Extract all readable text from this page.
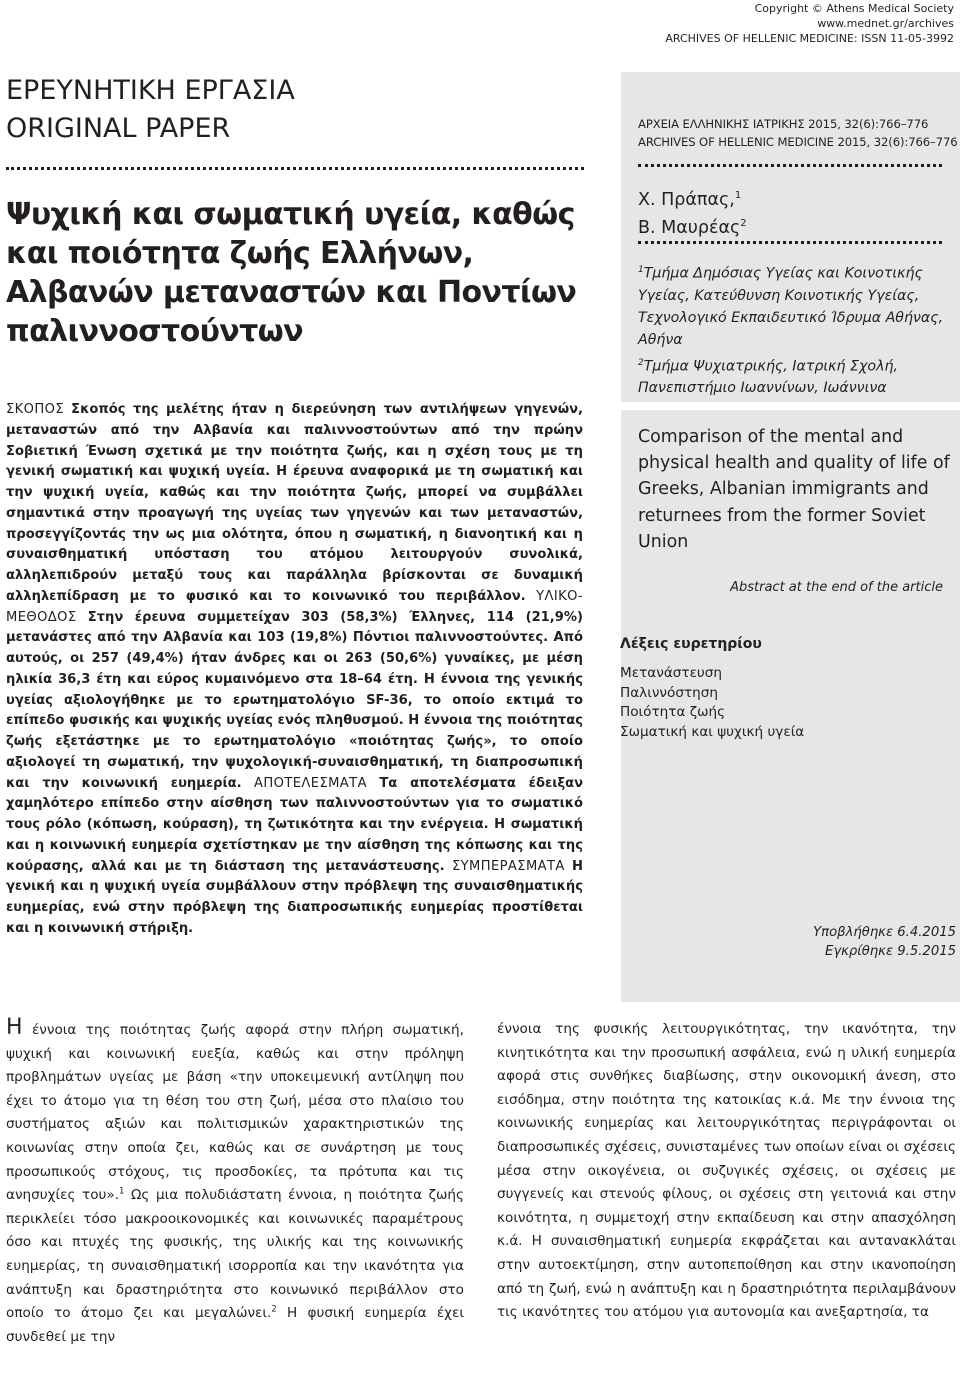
Copyright © Athens Medical Society
www.mednet.gr/archives
ARCHIVES OF HELLENIC MEDICINE: ISSN 11-05-3992
ΕΡΕΥΝΗΤΙΚΗ ΕΡΓΑΣΙΑ
ORIGINAL PAPER
Ψυχική και σωματική υγεία, καθώς και ποιότητα ζωής Ελλήνων, Αλβανών μεταναστών και Ποντίων παλιννοστούντων
ΣΚΟΠΟΣ Σκοπός της μελέτης ήταν η διερεύνηση των αντιλήψεων γηγενών, μεταναστών από την Αλβανία και παλιννοστούντων από την πρώην Σοβιετική Ένωση σχετικά με την ποιότητα ζωής, και η σχέση τους με τη γενική σωματική και ψυχική υγεία. Η έρευνα αναφορικά με τη σωματική και την ψυχική υγεία, καθώς και την ποιότητα ζωής, μπορεί να συμβάλλει σημαντικά στην προαγωγή της υγείας των γηγενών και των μεταναστών, προσεγγίζοντάς την ως μια ολότητα, όπου η σωματική, η διανοητική και η συναισθηματική υπόσταση του ατόμου λειτουργούν συνολικά, αλληλεπιδρούν μεταξύ τους και παράλληλα βρίσκονται σε δυναμική αλληλεπίδραση με το φυσικό και το κοινωνικό του περιβάλλον. ΥΛΙΚΟ-ΜΕΘΟΔΟΣ Στην έρευνα συμμετείχαν 303 (58,3%) Έλληνες, 114 (21,9%) μετανάστες από την Αλβανία και 103 (19,8%) Πόντιοι παλιννοστούντες. Από αυτούς, οι 257 (49,4%) ήταν άνδρες και οι 263 (50,6%) γυναίκες, με μέση ηλικία 36,3 έτη και εύρος κυμαινόμενο στα 18–64 έτη. Η έννοια της γενικής υγείας αξιολογήθηκε με το ερωτηματολόγιο SF-36, το οποίο εκτιμά το επίπεδο φυσικής και ψυχικής υγείας ενός πληθυσμού. Η έννοια της ποιότητας ζωής εξετάστηκε με το ερωτηματολόγιο «ποιότητας ζωής», το οποίο αξιολογεί τη σωματική, την ψυχολογική-συναισθηματική, τη διαπροσωπική και την κοινωνική ευημερία. ΑΠΟΤΕΛΕΣΜΑΤΑ Τα αποτελέσματα έδειξαν χαμηλότερο επίπεδο στην αίσθηση των παλιννοστούντων για το σωματικό τους ρόλο (κόπωση, κούραση), τη ζωτικότητα και την ενέργεια. Η σωματική και η κοινωνική ευημερία σχετίστηκαν με την αίσθηση της κόπωσης και της κούρασης, αλλά και με τη διάσταση της μετανάστευσης. ΣΥΜΠΕΡΑΣΜΑΤΑ Η γενική και η ψυχική υγεία συμβάλλουν στην πρόβλεψη της συναισθηματικής ευημερίας, ενώ στην πρόβλεψη της διαπροσωπικής ευημερίας προστίθεται και η κοινωνική στήριξη.
ΑΡΧΕΙΑ ΕΛΛΗΝΙΚΗΣ ΙΑΤΡΙΚΗΣ 2015, 32(6):766–776
ARCHIVES OF HELLENIC MEDICINE 2015, 32(6):766–776
Χ. Πράπας,$^1$
Β. Μαυρέας$^2$
$^1$Τμήμα Δημόσιας Υγείας και Κοινοτικής Υγείας, Κατεύθυνση Κοινοτικής Υγείας, Τεχνολογικό Εκπαιδευτικό Ίδρυμα Αθήνας, Αθήνα
$^2$Τμήμα Ψυχιατρικής, Ιατρική Σχολή, Πανεπιστήμιο Ιωαννίνων, Ιωάννινα
Comparison of the mental and physical health and quality of life of Greeks, Albanian immigrants and returnees from the former Soviet Union
Abstract at the end of the article
Λέξεις ευρετηρίου
Μετανάστευση
Παλιννόστηση
Ποιότητα ζωής
Σωματική και ψυχική υγεία
Υποβλήθηκε 6.4.2015
Εγκρίθηκε 9.5.2015
Η έννοια της ποιότητας ζωής αφορά στην πλήρη σωματική, ψυχική και κοινωνική ευεξία, καθώς και στην πρόληψη προβλημάτων υγείας με βάση «την υποκειμενική αντίληψη που έχει το άτομο για τη θέση του στη ζωή, μέσα στο πλαίσιο του συστήματος αξιών και πολιτισμικών χαρακτηριστικών της κοινωνίας στην οποία ζει, καθώς και σε συνάρτηση με τους προσωπικούς στόχους, τις προσδοκίες, τα πρότυπα και τις ανησυχίες του».$^1$ Ως μια πολυδιάστατη έννοια, η ποιότητα ζωής περικλείει τόσο μακροοικονομικές και κοινωνικές παραμέτρους όσο και πτυχές της φυσικής, της υλικής και της κοινωνικής ευημερίας, τη συναισθηματική ισορροπία και την ικανότητα για ανάπτυξη και δραστηριότητα στο κοινωνικό περιβάλλον στο οποίο το άτομο ζει και μεγαλώνει.$^2$ Η φυσική ευημερία έχει συνδεθεί με την
έννοια της φυσικής λειτουργικότητας, την ικανότητα, την κινητικότητα και την προσωπική ασφάλεια, ενώ η υλική ευημερία αφορά στις συνθήκες διαβίωσης, στην οικονομική άνεση, στο εισόδημα, στην ποιότητα της κατοικίας κ.ά. Με την έννοια της κοινωνικής ευημερίας και λειτουργικότητας περιγράφονται οι διαπροσωπικές σχέσεις, συνισταμένες των οποίων είναι οι σχέσεις μέσα στην οικογένεια, οι συζυγικές σχέσεις, οι σχέσεις με συγγενείς και στενούς φίλους, οι σχέσεις στη γειτονιά και στην κοινότητα, η συμμετοχή στην εκπαίδευση και στην απασχόληση κ.ά. Η συναισθηματική ευημερία εκφράζεται και αντανακλάται στην αυτοεκτίμηση, στην αυτοπεποίθηση και στην ικανοποίηση από τη ζωή, ενώ η ανάπτυξη και η δραστηριότητα περιλαμβάνουν τις ικανότητες του ατόμου για αυτονομία και ανεξαρτησία, τα
